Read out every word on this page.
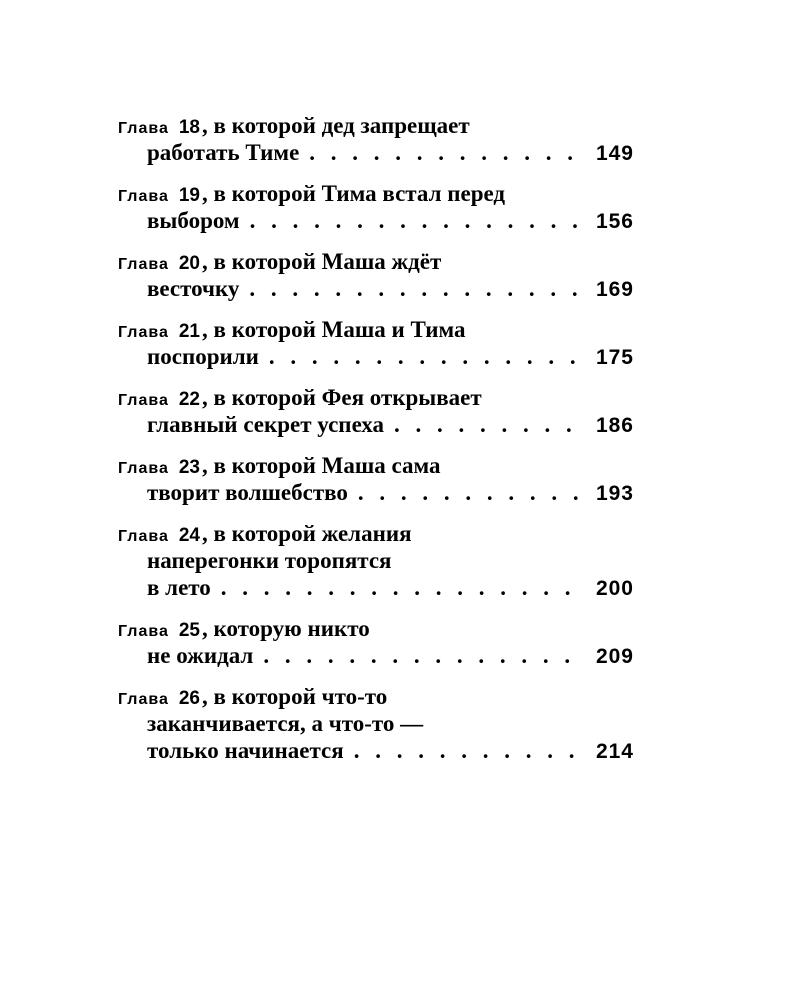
Глава 18 , в которой дед запрещает
работать Тиме . . .	149
Глава 19 , в которой Тима встал перед
выбором . . .	156
Глава 20 , в которой Маша ждёт
весточку . . .	169
Глава 21 , в которой Маша и Тима
поспорили . . .	175
Глава 22 , в которой Фея открывает
главный секрет успеха . . .	186
Глава 23 , в которой Маша сама
творит волшебство . . .	193
Глава 24 , в которой желания
наперегонки торопятся
в лето . . .	200
Глава 25 , которую никто
не ожидал . . .	209
Глава 26 , в которой что-то
заканчивается, а что-то —
только начинается . . .	214
